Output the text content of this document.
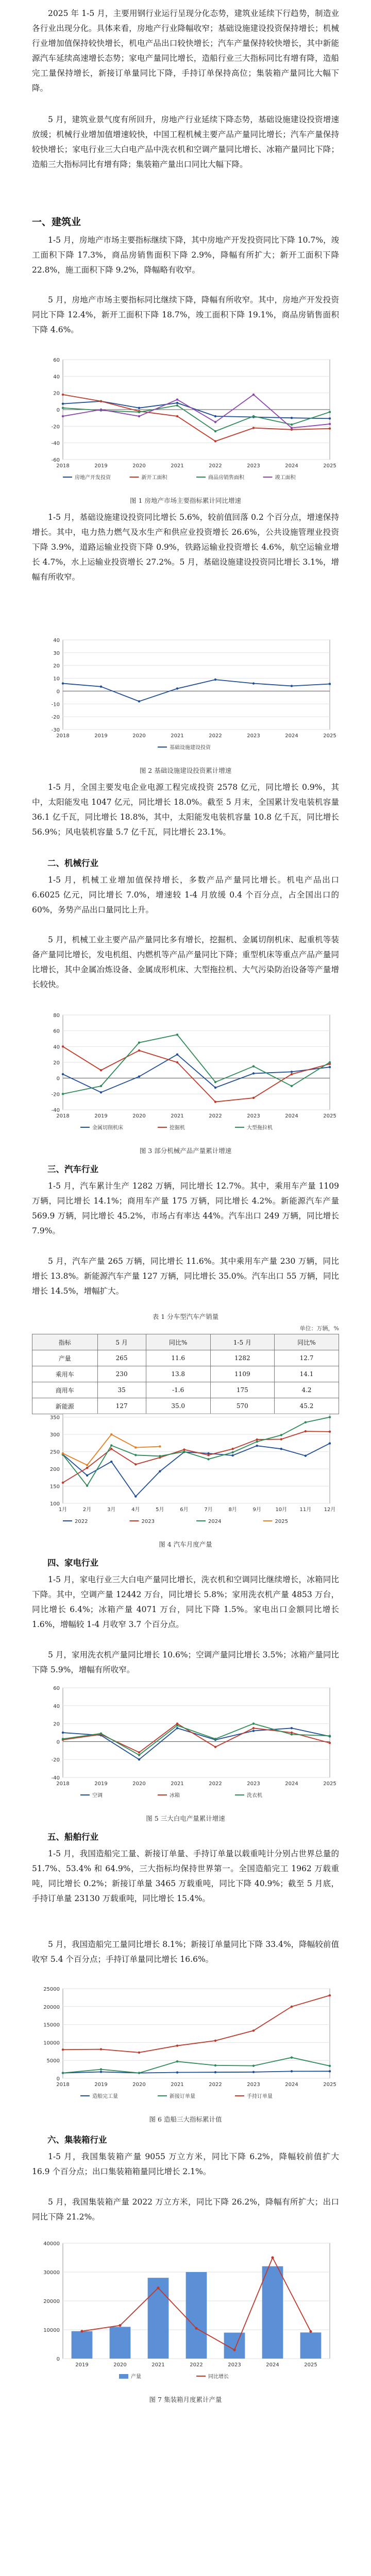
2025 年 1-5 月，主要用钢行业运行呈现分化态势，建筑业延续下行趋势，制造业各行业出现分化。具体来看，房地产行业降幅收窄；基础设施建设投资保持增长；机械行业增加值保持较快增长，机电产品出口较快增长；汽车产量保持较快增长，其中新能源汽车延续高速增长态势；家电产量同比增长，造船行业三大指标同比有增有降，造船完工量保持增长，新接订单量同比下降，手持订单保持高位；集装箱产量同比大幅下降。

5 月，建筑业景气度有所回升，房地产行业延续下降态势，基础设施建设投资增速放缓；机械行业增加值增速较快，中国工程机械主要产品产量同比增长；汽车产量保持较快增长；家电行业三大白电产品中洗衣机和空调产量同比增长、冰箱产量同比下降；造船三大指标同比有增有降；集装箱产量出口同比大幅下降。

一、建筑业

1-5 月，房地产市场主要指标继续下降，其中房地产开发投资同比下降 10.7%，竣工面积下降 17.3%，商品房销售面积下降 2.9%，降幅有所扩大；新开工面积下降 22.8%，施工面积下降 9.2%，降幅略有收窄。

5 月，房地产市场主要指标同比继续下降，降幅有所收窄。其中，房地产开发投资同比下降 12.4%，新开工面积下降 18.7%，竣工面积下降 19.1%，商品房销售面积下降 4.6%。

-60
-40
-20
0
20
40
60
2018	2019	2020	2021	2022	2023	2024	2025
房地产开发投资	新开工面积	商品房销售面积	竣工面积

图 1 房地产市场主要指标累计同比增速

1-5 月，基础设施建设投资同比增长 5.6%，较前值回落 0.2 个百分点，增速保持增长。其中，电力热力燃气及水生产和供应业投资增长 26.6%，公共设施管理业投资下降 3.9%，道路运输业投资下降 0.9%，铁路运输业投资增长 4.6%，航空运输业增长 4.7%，水上运输业投资增长 27.2%。5 月，基础设施建设投资同比增长 3.1%，增幅有所收窄。

-30
-20
-10
0
10
20
30
40
2018	2019	2020	2021	2022	2023	2024	2025
基础设施建设投资

图 2 基础设施建设投资累计增速

1-5 月，全国主要发电企业电源工程完成投资 2578 亿元，同比增长 0.9%，其中，太阳能发电 1047 亿元，同比增长 18.0%。截至 5 月末，全国累计发电装机容量 36.1 亿千瓦，同比增长 18.8%，其中，太阳能发电装机容量 10.8 亿千瓦，同比增长 56.9%；风电装机容量 5.7 亿千瓦，同比增长 23.1%。

二、机械行业

1-5 月，机械工业增加值保持增长，多数产品产量同比增长。机电产品出口 6.6025 亿元，同比增长 7.0%，增速较 1-4 月放缓 0.4 个百分点，占全国出口的 60%，务势产品出口量同比上升。

5 月，机械工业主要产品产量同比多有增长，挖掘机、金属切削机床、起重机等装备产量同比增长，发电机组、内燃机等产品产量同比下降；重型机床等重点产品产量同比增长，其中金属冶炼设备、金属成形机床、大型拖拉机、大气污染防治设备等产量增长较快。

-40
-20
0
20
40
60
80
2018	2019	2020	2021	2022	2023	2024	2025
金属切削机床	挖掘机	大型拖拉机

图 3 部分机械产品产量累计增速

三、汽车行业

1-5 月，汽车累计生产 1282 万辆，同比增长 12.7%。其中，乘用车产量 1109 万辆，同比增长 14.1%；商用车产量 175 万辆，同比增长 4.2%。新能源汽车产量 569.9 万辆，同比增长 45.2%，市场占有率达 44%。汽车出口 249 万辆，同比增长 7.9%。

5 月，汽车产量 265 万辆，同比增长 11.6%。其中乘用车产量 230 万辆，同比增长 13.8%。新能源汽车产量 127 万辆，同比增长 35.0%。汽车出口 55 万辆，同比增长 14.5%，增幅扩大。

表 1 分车型汽车产销量
单位：万辆，%
指标	5 月	同比%	1-5 月	同比%
产量	265	11.6	1282	12.7
乘用车	230	13.8	1109	14.1
商用车	35	-1.6	175	4.2
新能源	127	35.0	570	45.2
100
150
200
250
300
350
1月	2月	3月	4月	5月	6月	7月	8月	9月	10月 11月 12月
2022	2023	2024	2025

图 4 汽车月度产量

四、家电行业

1-5 月，家电行业三大白电产量同比增长，洗衣机和空调同比继续增长，冰箱同比下降。其中，空调产量 12442 万台，同比增长 5.8%；家用洗衣机产量 4853 万台，同比增长 6.4%；冰箱产量 4071 万台，同比下降 1.5%。家电出口金额同比增长 1.6%，增幅较 1-4 月收窄 3.7 个百分点。

5 月，家用洗衣机产量同比增长 10.6%；空调产量同比增长 3.5%；冰箱产量同比下降 5.9%，增幅有所收窄。

-40
-20
0
20
40
60
2018	2019	2020	2021	2022	2023	2024	2025
空调	冰箱	洗衣机

图 5 三大白电产量累计增速

五、船舶行业

1-5 月，我国造船完工量、新接订单量、手持订单量以载重吨计分别占世界总量的 51.7%、53.4% 和 64.9%，三大指标均保持世界第一。全国造船完工 1962 万载重吨，同比增长 0.2%；新接订单量 3465 万载重吨，同比下降 40.9%；截至 5 月底，手持订单量 23130 万载重吨，同比增长 15.4%。

5 月，我国造船完工量同比增长 8.1%；新接订单量同比下降 33.4%，降幅较前值收窄 5.4 个百分点；手持订单量同比增长 16.6%。

0
5000
10000
15000
20000
25000
2018	2019	2020	2021	2022	2023	2024	2025
造船完工量	新接订单量	手持订单量

图 6 造船三大指标累计值

六、集装箱行业

1-5 月，我国集装箱产量 9055 万立方米，同比下降 6.2%，降幅较前值扩大 16.9 个百分点；出口集装箱箱量同比增长 2.1%。

5 月，我国集装箱产量 2022 万立方米，同比下降 26.2%，降幅有所扩大；出口同比下降 21.2%。

0
10000
20000
30000
40000
2019	2020	2021	2022	2023	2024	2025
产量	同比增长

图 7 集装箱月度累计产量
